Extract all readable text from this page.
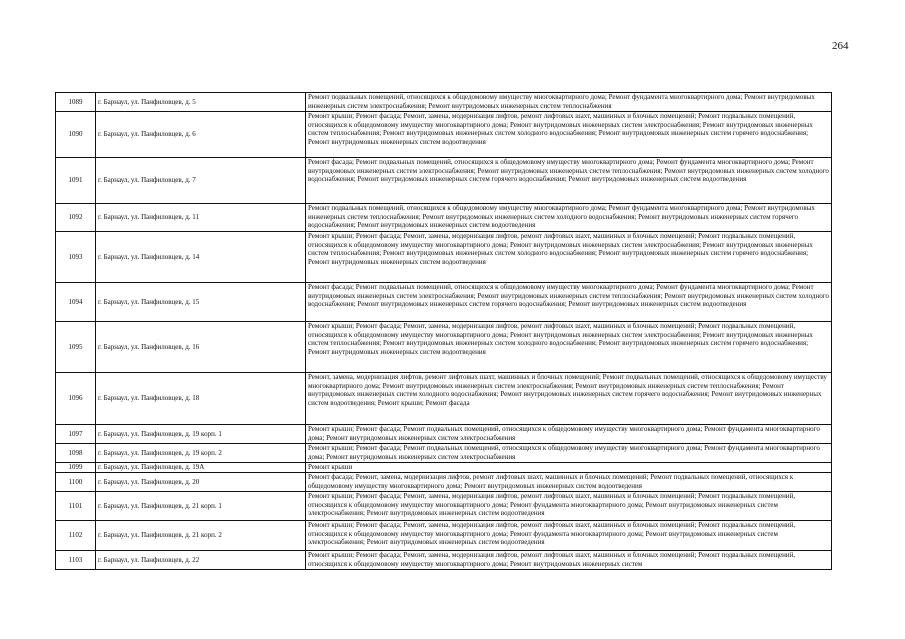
264
1089	г. Барнаул, ул. Панфиловцев, д. 5	Ремонт подвальных помещений, относящихся к общедомовому имуществу многоквартирного дома; Ремонт фундамента многоквартирного дома; Ремонт внутридомовых инженерных систем электроснабжения; Ремонт внутридомовых инженерных систем теплоснабжения
1090	г. Барнаул, ул. Панфиловцев, д. 6	Ремонт крыши; Ремонт фасада; Ремонт, замена, модернизация лифтов, ремонт лифтовых шахт, машинных и блочных помещений; Ремонт подвальных помещений, относящихся к общедомовому имуществу многоквартирного дома; Ремонт внутридомовых инженерных систем электроснабжения; Ремонт внутридомовых инженерных систем теплоснабжения; Ремонт внутридомовых инженерных систем холодного водоснабжения; Ремонт внутридомовых инженерных систем горячего водоснабжения; Ремонт внутридомовых инженерных систем водоотведения
1091	г. Барнаул, ул. Панфиловцев, д. 7	Ремонт фасада; Ремонт подвальных помещений, относящихся к общедомовому имуществу многоквартирного дома; Ремонт фундамента многоквартирного дома; Ремонт внутридомовых инженерных систем электроснабжения; Ремонт внутридомовых инженерных систем теплоснабжения; Ремонт внутридомовых инженерных систем холодного водоснабжения; Ремонт внутридомовых инженерных систем горячего водоснабжения; Ремонт внутридомовых инженерных систем водоотведения
1092	г. Барнаул, ул. Панфиловцев, д. 11	Ремонт подвальных помещений, относящихся к общедомовому имуществу многоквартирного дома; Ремонт фундамента многоквартирного дома; Ремонт внутридомовых инженерных систем теплоснабжения; Ремонт внутридомовых инженерных систем холодного водоснабжения; Ремонт внутридомовых инженерных систем горячего водоснабжения; Ремонт внутридомовых инженерных систем водоотведения
1093	г. Барнаул, ул. Панфиловцев, д. 14	Ремонт крыши; Ремонт фасада; Ремонт, замена, модернизация лифтов, ремонт лифтовых шахт, машинных и блочных помещений; Ремонт подвальных помещений, относящихся к общедомовому имуществу многоквартирного дома; Ремонт внутридомовых инженерных систем электроснабжения; Ремонт внутридомовых инженерных систем теплоснабжения; Ремонт внутридомовых инженерных систем холодного водоснабжения; Ремонт внутридомовых инженерных систем горячего водоснабжения; Ремонт внутридомовых инженерных систем водоотведения
1094	г. Барнаул, ул. Панфиловцев, д. 15	Ремонт фасада; Ремонт подвальных помещений, относящихся к общедомовому имуществу многоквартирного дома; Ремонт фундамента многоквартирного дома; Ремонт внутридомовых инженерных систем электроснабжения; Ремонт внутридомовых инженерных систем теплоснабжения; Ремонт внутридомовых инженерных систем холодного водоснабжения; Ремонт внутридомовых инженерных систем горячего водоснабжения; Ремонт внутридомовых инженерных систем водоотведения
1095	г. Барнаул, ул. Панфиловцев, д. 16	Ремонт крыши; Ремонт фасада; Ремонт, замена, модернизация лифтов, ремонт лифтовых шахт, машинных и блочных помещений; Ремонт подвальных помещений, относящихся к общедомовому имуществу многоквартирного дома; Ремонт внутридомовых инженерных систем электроснабжения; Ремонт внутридомовых инженерных систем теплоснабжения; Ремонт внутридомовых инженерных систем холодного водоснабжения; Ремонт внутридомовых инженерных систем горячего водоснабжения; Ремонт внутридомовых инженерных систем водоотведения
1096	г. Барнаул, ул. Панфиловцев, д. 18	Ремонт, замена, модернизация лифтов, ремонт лифтовых шахт, машинных и блочных помещений; Ремонт подвальных помещений, относящихся к общедомовому имуществу многоквартирного дома; Ремонт внутридомовых инженерных систем электроснабжения; Ремонт внутридомовых инженерных систем теплоснабжения; Ремонт внутридомовых инженерных систем холодного водоснабжения; Ремонт внутридомовых инженерных систем горячего водоснабжения; Ремонт внутридомовых инженерных систем водоотведения; Ремонт крыши; Ремонт фасада
1097	г. Барнаул, ул. Панфиловцев, д. 19 корп. 1	Ремонт крыши; Ремонт фасада; Ремонт подвальных помещений, относящихся к общедомовому имуществу многоквартирного дома; Ремонт фундамента многоквартирного дома; Ремонт внутридомовых инженерных систем электроснабжения
1098	г. Барнаул, ул. Панфиловцев, д. 19 корп. 2	Ремонт крыши; Ремонт фасада; Ремонт подвальных помещений, относящихся к общедомовому имуществу многоквартирного дома; Ремонт фундамента многоквартирного дома; Ремонт внутридомовых инженерных систем электроснабжения
1099	г. Барнаул, ул. Панфиловцев, д. 19А	Ремонт крыши
1100	г. Барнаул, ул. Панфиловцев, д. 20	Ремонт фасада; Ремонт, замена, модернизация лифтов, ремонт лифтовых шахт, машинных и блочных помещений; Ремонт подвальных помещений, относящихся к общедомовому имуществу многоквартирного дома; Ремонт внутридомовых инженерных систем водоотведения
1101	г. Барнаул, ул. Панфиловцев, д. 21 корп. 1	Ремонт крыши; Ремонт фасада; Ремонт, замена, модернизация лифтов, ремонт лифтовых шахт, машинных и блочных помещений; Ремонт подвальных помещений, относящихся к общедомовому имуществу многоквартирного дома; Ремонт фундамента многоквартирного дома; Ремонт внутридомовых инженерных систем электроснабжения; Ремонт внутридомовых инженерных систем водоотведения
1102	г. Барнаул, ул. Панфиловцев, д. 21 корп. 2	Ремонт крыши; Ремонт фасада; Ремонт, замена, модернизация лифтов, ремонт лифтовых шахт, машинных и блочных помещений; Ремонт подвальных помещений, относящихся к общедомовому имуществу многоквартирного дома; Ремонт фундамента многоквартирного дома; Ремонт внутридомовых инженерных систем электроснабжения; Ремонт внутридомовых инженерных систем водоотведения
1103	г. Барнаул, ул. Панфиловцев, д. 22	Ремонт крыши; Ремонт фасада; Ремонт, замена, модернизация лифтов, ремонт лифтовых шахт, машинных и блочных помещений; Ремонт подвальных помещений, относящихся к общедомовому имуществу многоквартирного дома; Ремонт внутридомовых инженерных систем
